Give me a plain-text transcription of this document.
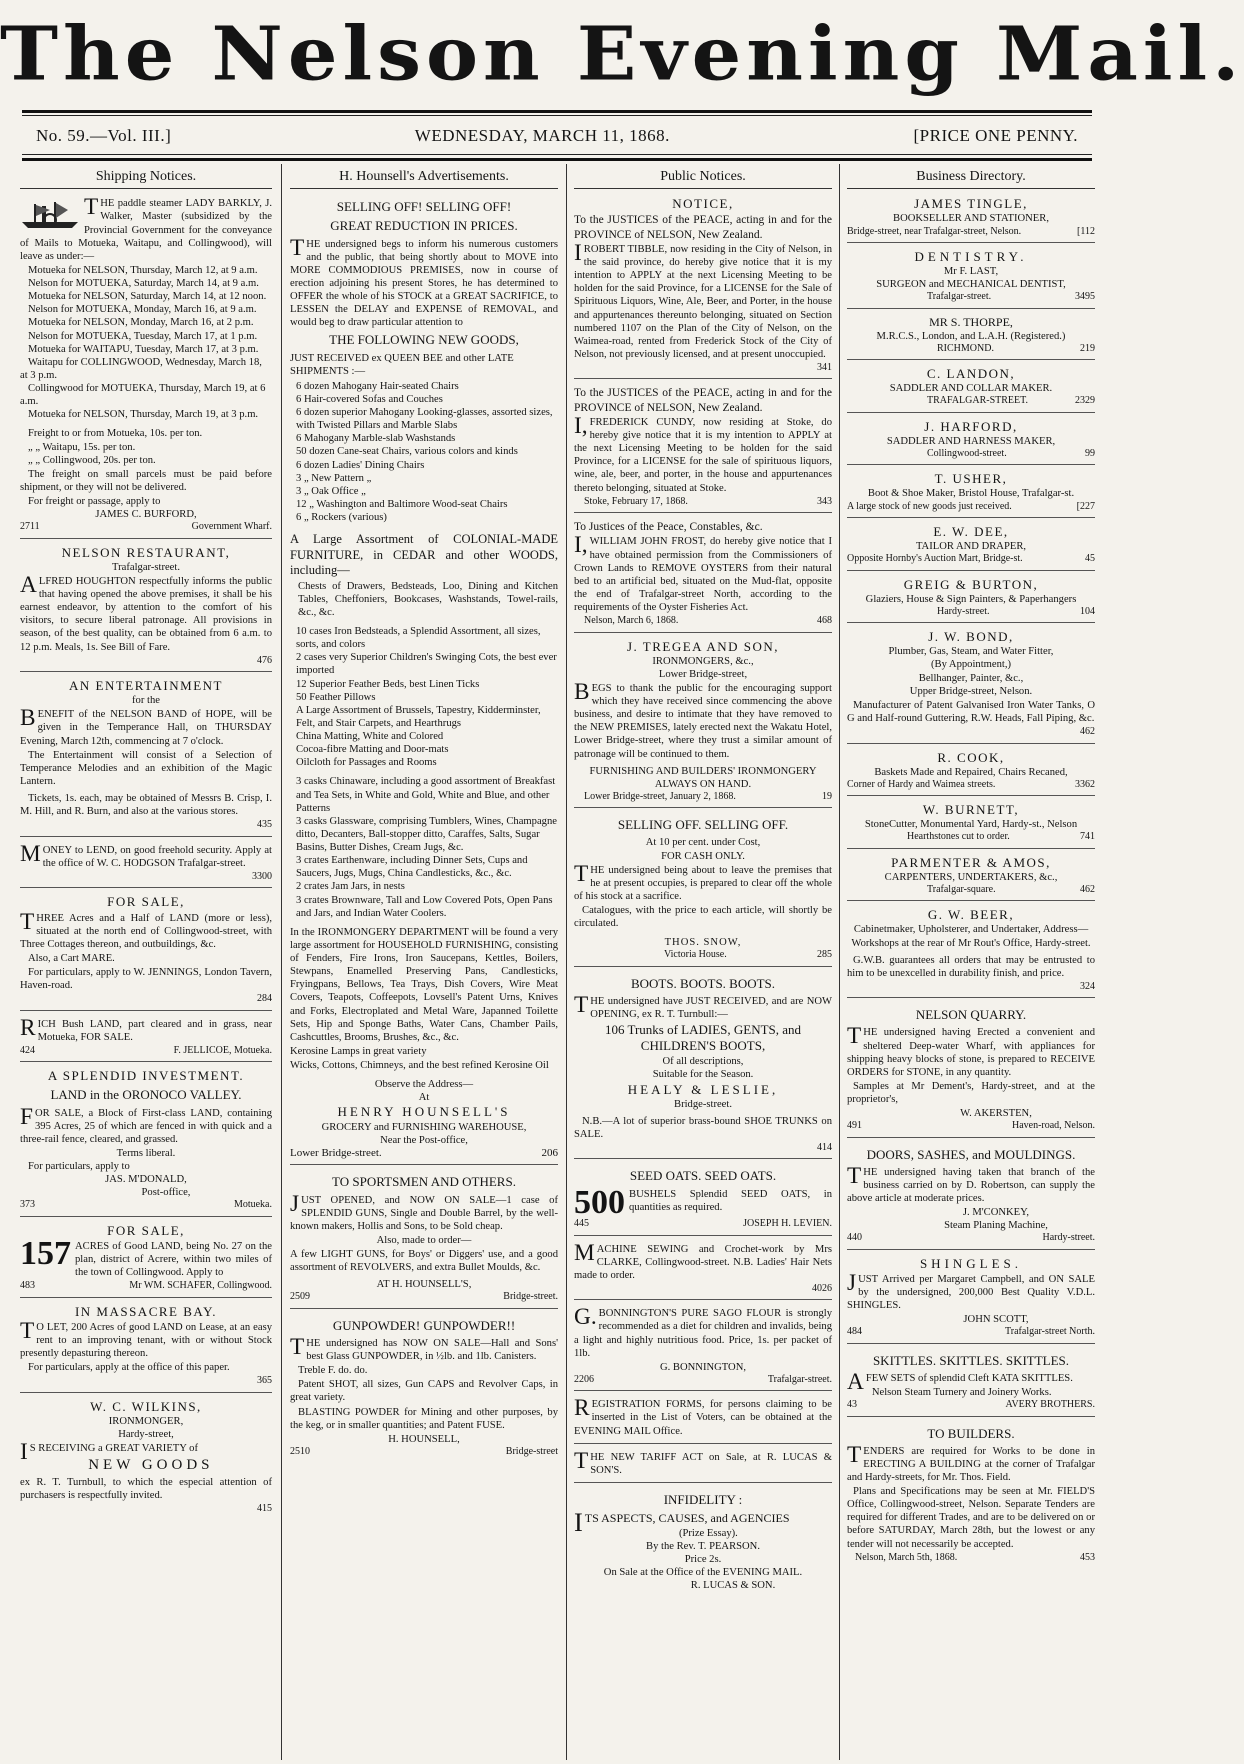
The Nelson Evening Mail.
No. 59.—Vol. III.]	WEDNESDAY, MARCH 11, 1868.	[PRICE ONE PENNY.
Shipping Notices.

THE paddle steamer LADY BARKLY, J. Walker, Master (subsidized by the Provincial Government for the conveyance of Mails to Motueka, Waitapu, and Collingwood), will leave as under:—

Motueka for NELSON, Thursday, March 12, at 9 a.m.

Nelson for MOTUEKA, Saturday, March 14, at 9 a.m.

Motueka for NELSON, Saturday, March 14, at 12 noon.

Nelson for MOTUEKA, Monday, March 16, at 9 a.m.

Motueka for NELSON, Monday, March 16, at 2 p.m.

Nelson for MOTUEKA, Tuesday, March 17, at 1 p.m.

Motueka for WAITAPU, Tuesday, March 17, at 3 p.m.

Waitapu for COLLINGWOOD, Wednesday, March 18, at 3 p.m.

Collingwood for MOTUEKA, Thursday, March 19, at 6 a.m.

Motueka for NELSON, Thursday, March 19, at 3 p.m.

Freight to or from Motueka, 10s. per ton.

„ „ Waitapu, 15s. per ton.

„ „ Collingwood, 20s. per ton.

The freight on small parcels must be paid before shipment, or they will not be delivered.

For freight or passage, apply to

JAMES C. BURFORD,

2711	Government Wharf.
NELSON RESTAURANT,
Trafalgar-street.

ALFRED HOUGHTON respectfully informs the public that having opened the above premises, it shall be his earnest endeavor, by attention to the comfort of his visitors, to secure liberal patronage. All provisions in season, of the best quality, can be obtained from 6 a.m. to 12 p.m. Meals, 1s. See Bill of Fare.

476
AN ENTERTAINMENT
for the

BENEFIT of the NELSON BAND of HOPE, will be given in the Temperance Hall, on THURSDAY Evening, March 12th, commencing at 7 o'clock.

The Entertainment will consist of a Selection of Temperance Melodies and an exhibition of the Magic Lantern.

Tickets, 1s. each, may be obtained of Messrs B. Crisp, I. M. Hill, and R. Burn, and also at the various stores.

435

MONEY to LEND, on good freehold security. Apply at the office of W. C. HODGSON Trafalgar-street.

3300
FOR SALE,

THREE Acres and a Half of LAND (more or less), situated at the north end of Collingwood-street, with Three Cottages thereon, and outbuildings, &c.

Also, a Cart MARE.

For particulars, apply to W. JENNINGS, London Tavern, Haven-road.

284

RICH Bush LAND, part cleared and in grass, near Motueka, FOR SALE.

424	F. JELLICOE, Motueka.
A SPLENDID INVESTMENT.
LAND in the ORONOCO VALLEY.

FOR SALE, a Block of First-class LAND, containing 395 Acres, 25 of which are fenced in with quick and a three-rail fence, cleared, and grassed.

Terms liberal.

For particulars, apply to

JAS. M'DONALD,

Post-office,

373	Motueka.
FOR SALE,
157 ACRES of Good LAND, being No. 27 on the plan, district of Acrere, within two miles of the town of Collingwood. Apply to

483	Mr WM. SCHAFER, Collingwood.
IN MASSACRE BAY.

TO LET, 200 Acres of good LAND on Lease, at an easy rent to an improving tenant, with or without Stock presently depasturing thereon.

For particulars, apply at the office of this paper.

365
W. C. WILKINS,
IRONMONGER,
Hardy-street,

IS RECEIVING a GREAT VARIETY of

NEW GOODS

ex R. T. Turnbull, to which the especial attention of purchasers is respectfully invited.

415
H. Hounsell's Advertisements.
SELLING OFF! SELLING OFF!
GREAT REDUCTION IN PRICES.

THE undersigned begs to inform his numerous customers and the public, that being shortly about to MOVE into MORE COMMODIOUS PREMISES, now in course of erection adjoining his present Stores, he has determined to OFFER the whole of his STOCK at a GREAT SACRIFICE, to LESSEN the DELAY and EXPENSE of REMOVAL, and would beg to draw particular attention to

THE FOLLOWING NEW GOODS,

JUST RECEIVED ex QUEEN BEE and other LATE SHIPMENTS :—

6 dozen Mahogany Hair-seated Chairs
6 Hair-covered Sofas and Couches
6 dozen superior Mahogany Looking-glasses, assorted sizes, with Twisted Pillars and Marble Slabs
6 Mahogany Marble-slab Washstands
50 dozen Cane-seat Chairs, various colors and kinds
6 dozen Ladies' Dining Chairs
3 „ New Pattern „
3 „ Oak Office „
12 „ Washington and Baltimore Wood-seat Chairs
6 „ Rockers (various)

A Large Assortment of COLONIAL-MADE FURNITURE, in CEDAR and other WOODS, including—

Chests of Drawers, Bedsteads, Loo, Dining and Kitchen Tables, Cheffoniers, Bookcases, Washstands, Towel-rails, &c., &c.

10 cases Iron Bedsteads, a Splendid Assortment, all sizes, sorts, and colors
2 cases very Superior Children's Swinging Cots, the best ever imported
12 Superior Feather Beds, best Linen Ticks
50 Feather Pillows
A Large Assortment of Brussels, Tapestry, Kidderminster, Felt, and Stair Carpets, and Hearthrugs
China Matting, White and Colored
Cocoa-fibre Matting and Door-mats
Oilcloth for Passages and Rooms
3 casks Chinaware, including a good assortment of Breakfast and Tea Sets, in White and Gold, White and Blue, and other Patterns
3 casks Glassware, comprising Tumblers, Wines, Champagne ditto, Decanters, Ball-stopper ditto, Caraffes, Salts, Sugar Basins, Butter Dishes, Cream Jugs, &c.
3 crates Earthenware, including Dinner Sets, Cups and Saucers, Jugs, Mugs, China Candlesticks, &c., &c.
2 crates Jam Jars, in nests
3 crates Brownware, Tall and Low Covered Pots, Open Pans and Jars, and Indian Water Coolers.

In the IRONMONGERY DEPARTMENT will be found a very large assortment for HOUSEHOLD FURNISHING, consisting of Fenders, Fire Irons, Iron Saucepans, Kettles, Boilers, Stewpans, Enamelled Preserving Pans, Candlesticks, Fryingpans, Bellows, Tea Trays, Dish Covers, Wire Meat Covers, Teapots, Coffeepots, Lovsell's Patent Urns, Knives and Forks, Electroplated and Metal Ware, Japanned Toilette Sets, Hip and Sponge Baths, Water Cans, Chamber Pails, Cashcuttles, Brooms, Brushes, &c., &c.

Kerosine Lamps in great variety

Wicks, Cottons, Chimneys, and the best refined Kerosine Oil

Observe the Address—
At
HENRY HOUNSELL'S
GROCERY and FURNISHING WAREHOUSE,
Near the Post-office,
Lower Bridge-street.	206
TO SPORTSMEN AND OTHERS.

JUST OPENED, and NOW ON SALE—1 case of SPLENDID GUNS, Single and Double Barrel, by the well-known makers, Hollis and Sons, to be Sold cheap.

Also, made to order—

A few LIGHT GUNS, for Boys' or Diggers' use, and a good assortment of REVOLVERS, and extra Bullet Moulds, &c.

AT H. HOUNSELL'S,
2509	Bridge-street.
GUNPOWDER! GUNPOWDER!!

THE undersigned has NOW ON SALE—Hall and Sons' best Glass GUNPOWDER, in ½lb. and 1lb. Canisters.

Treble F. do. do.

Patent SHOT, all sizes, Gun CAPS and Revolver Caps, in great variety.

BLASTING POWDER for Mining and other purposes, by the keg, or in smaller quantities; and Patent FUSE.

H. HOUNSELL,
2510	Bridge-street
Public Notices.
NOTICE,

To the JUSTICES of the PEACE, acting in and for the PROVINCE of NELSON, New Zealand.

IROBERT TIBBLE, now residing in the City of Nelson, in the said province, do hereby give notice that it is my intention to APPLY at the next Licensing Meeting to be holden for the said Province, for a LICENSE for the Sale of Spirituous Liquors, Wine, Ale, Beer, and Porter, in the house and appurtenances thereunto belonging, situated on Section numbered 1107 on the Plan of the City of Nelson, on the Waimea-road, rented from Frederick Stock of the City of Nelson, not previously licensed, and at present unoccupied.

341

To the JUSTICES of the PEACE, acting in and for the PROVINCE of NELSON, New Zealand.

I,FREDERICK CUNDY, now residing at Stoke, do hereby give notice that it is my intention to APPLY at the next Licensing Meeting to be holden for the said Province, for a LICENSE for the sale of spirituous liquors, wine, ale, beer, and porter, in the house and appurtenances thereto belonging, situated at Stoke.

Stoke, February 17, 1868.	343

To Justices of the Peace, Constables, &c.

I,WILLIAM JOHN FROST, do hereby give notice that I have obtained permission from the Commissioners of Crown Lands to REMOVE OYSTERS from their natural bed to an artificial bed, situated on the Mud-flat, opposite the end of Trafalgar-street North, according to the requirements of the Oyster Fisheries Act.

Nelson, March 6, 1868.	468
J. TREGEA AND SON,
IRONMONGERS, &c.,
Lower Bridge-street,

BEGS to thank the public for the encouraging support which they have received since commencing the above business, and desire to intimate that they have removed to the NEW PREMISES, lately erected next the Wakatu Hotel, Lower Bridge-street, where they trust a similar amount of patronage will be continued to them.

FURNISHING AND BUILDERS' IRONMONGERY ALWAYS ON HAND.

Lower Bridge-street, January 2, 1868.	19
SELLING OFF. SELLING OFF.
At 10 per cent. under Cost,
FOR CASH ONLY.

THE undersigned being about to leave the premises that he at present occupies, is prepared to clear off the whole of his stock at a sacrifice.

Catalogues, with the price to each article, will shortly be circulated.

THOS. SNOW,
Victoria House.	285
BOOTS. BOOTS. BOOTS.

THE undersigned have JUST RECEIVED, and are NOW OPENING, ex R. T. Turnbull:—

106 Trunks of LADIES, GENTS, and CHILDREN'S BOOTS,

Of all descriptions,
Suitable for the Season.
HEALY & LESLIE,
Bridge-street.

N.B.—A lot of superior brass-bound SHOE TRUNKS on SALE.

414
SEED OATS. SEED OATS.
500 BUSHELS Splendid SEED OATS, in quantities as required.

445	JOSEPH H. LEVIEN.

MACHINE SEWING and Crochet-work by Mrs CLARKE, Collingwood-street. N.B. Ladies' Hair Nets made to order.

4026

G.BONNINGTON'S PURE SAGO FLOUR is strongly recommended as a diet for children and invalids, being a light and highly nutritious food. Price, 1s. per packet of 1lb.

G. BONNINGTON,
2206	Trafalgar-street.

REGISTRATION FORMS, for persons claiming to be inserted in the List of Voters, can be obtained at the EVENING MAIL Office.

THE NEW TARIFF ACT on Sale, at R. LUCAS & SON'S.

INFIDELITY :

ITS ASPECTS, CAUSES, and AGENCIES

(Prize Essay).
By the Rev. T. PEARSON.
Price 2s.
On Sale at the Office of the EVENING MAIL.
R. LUCAS & SON.
Business Directory.
JAMES TINGLE,
BOOKSELLER AND STATIONER,
Bridge-street, near Trafalgar-street, Nelson.	[112
DENTISTRY.
Mr F. LAST,
SURGEON and MECHANICAL DENTIST,
Trafalgar-street.	3495
MR S. THORPE,
M.R.C.S., London, and L.A.H. (Registered.)
RICHMOND.	219
C. LANDON,
SADDLER AND COLLAR MAKER.
TRAFALGAR-STREET.	2329
J. HARFORD,
SADDLER AND HARNESS MAKER,
Collingwood-street.	99
T. USHER,
Boot & Shoe Maker, Bristol House, Trafalgar-st.
A large stock of new goods just received.	[227
E. W. DEE,
TAILOR AND DRAPER,
Opposite Hornby's Auction Mart, Bridge-st.	45
GREIG & BURTON,
Glaziers, House & Sign Painters, & Paperhangers
Hardy-street.	104
J. W. BOND,
Plumber, Gas, Steam, and Water Fitter,
(By Appointment,)
Bellhanger, Painter, &c.,
Upper Bridge-street, Nelson.

Manufacturer of Patent Galvanised Iron Water Tanks, O G and Half-round Guttering, R.W. Heads, Fall Piping, &c.

462
R. COOK,
Baskets Made and Repaired, Chairs Recaned,
Corner of Hardy and Waimea streets.	3362
W. BURNETT,
StoneCutter, Monumental Yard, Hardy-st., Nelson
Hearthstones cut to order.	741
PARMENTER & AMOS,
CARPENTERS, UNDERTAKERS, &c.,
Trafalgar-square.	462
G. W. BEER,

Cabinetmaker, Upholsterer, and Undertaker, Address—Workshops at the rear of Mr Rout's Office, Hardy-street.

G.W.B. guarantees all orders that may be entrusted to him to be unexcelled in durability finish, and price.

324
NELSON QUARRY.

THE undersigned having Erected a convenient and sheltered Deep-water Wharf, with appliances for shipping heavy blocks of stone, is prepared to RECEIVE ORDERS for STONE, in any quantity.

Samples at Mr Dement's, Hardy-street, and at the proprietor's,

W. AKERSTEN,
491	Haven-road, Nelson.
DOORS, SASHES, and MOULDINGS.

THE undersigned having taken that branch of the business carried on by D. Robertson, can supply the above article at moderate prices.

J. M'CONKEY,
Steam Planing Machine,
440	Hardy-street.
SHINGLES.

JUST Arrived per Margaret Campbell, and ON SALE by the undersigned, 200,000 Best Quality V.D.L. SHINGLES.

JOHN SCOTT,
484	Trafalgar-street North.
SKITTLES. SKITTLES. SKITTLES.

AFEW SETS of splendid Cleft KATA SKITTLES.

Nelson Steam Turnery and Joinery Works.

43	AVERY BROTHERS.
TO BUILDERS.

TENDERS are required for Works to be done in ERECTING A BUILDING at the corner of Trafalgar and Hardy-streets, for Mr. Thos. Field.

Plans and Specifications may be seen at Mr. FIELD'S Office, Collingwood-street, Nelson. Separate Tenders are required for different Trades, and are to be delivered on or before SATURDAY, March 28th, but the lowest or any tender will not necessarily be accepted.

Nelson, March 5th, 1868.	453
